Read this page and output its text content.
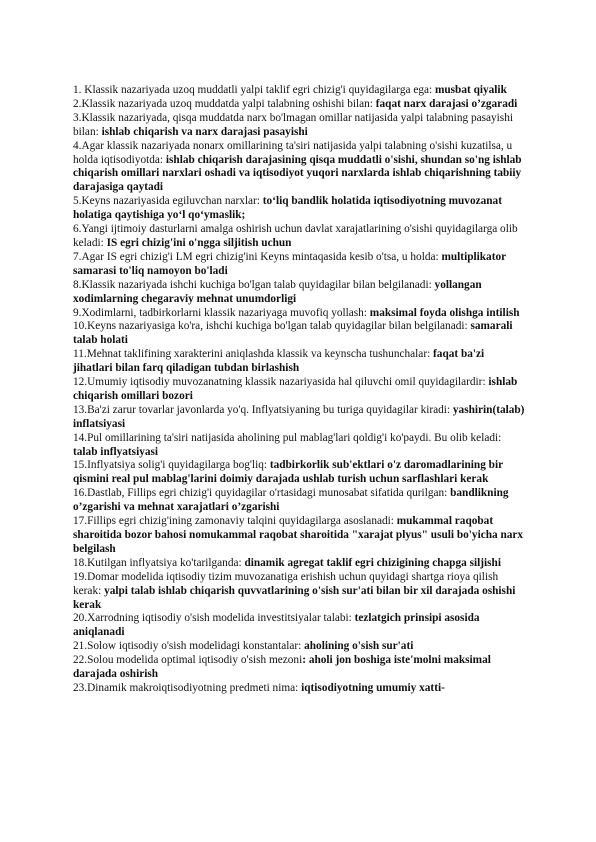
1. Klassik nazariyada uzoq muddatli yalpi taklif egri chizig'i quyidagilarga ega: musbat qiyalik

2.Klassik nazariyada uzoq muddatda yalpi talabning oshishi bilan: faqat narx darajasi o’zgaradi

3.Klassik nazariyada, qisqa muddatda narx bo'lmagan omillar natijasida yalpi talabning pasayishi bilan: ishlab chiqarish va narx darajasi pasayishi

4.Agar klassik nazariyada nonarx omillarining ta'siri natijasida yalpi talabning o'sishi kuzatilsa, u holda iqtisodiyotda: ishlab chiqarish darajasining qisqa muddatli o'sishi, shundan so'ng ishlab chiqarish omillari narxlari oshadi va iqtisodiyot yuqori narxlarda ishlab chiqarishning tabiiy darajasiga qaytadi

5.Keyns nazariyasida egiluvchan narxlar: to‘liq bandlik holatida iqtisodiyotning muvozanat holatiga qaytishiga yo‘l qo‘ymaslik;

6.Yangi ijtimoiy dasturlarni amalga oshirish uchun davlat xarajatlarining o'sishi quyidagilarga olib keladi: IS egri chizig'ini o'ngga siljitish uchun

7.Agar IS egri chizig'i LM egri chizig'ini Keyns mintaqasida kesib o'tsa, u holda: multiplikator samarasi to'liq namoyon bo'ladi

8.Klassik nazariyada ishchi kuchiga bo'lgan talab quyidagilar bilan belgilanadi: yollangan xodimlarning chegaraviy mehnat unumdorligi

9.Xodimlarni, tadbirkorlarni klassik nazariyaga muvofiq yollash: maksimal foyda olishga intilish

10.Keyns nazariyasiga ko'ra, ishchi kuchiga bo'lgan talab quyidagilar bilan belgilanadi: samarali talab holati

11.Mehnat taklifining xarakterini aniqlashda klassik va keynscha tushunchalar: faqat ba'zi jihatlari bilan farq qiladigan tubdan birlashish

12.Umumiy iqtisodiy muvozanatning klassik nazariyasida hal qiluvchi omil quyidagilardir: ishlab chiqarish omillari bozori

13.Ba'zi zarur tovarlar javonlarda yo'q. Inflyatsiyaning bu turiga quyidagilar kiradi: yashirin(talab) inflatsiyasi

14.Pul omillarining ta'siri natijasida aholining pul mablag'lari qoldig'i ko'paydi. Bu olib keladi: talab inflyatsiyasi

15.Inflyatsiya solig'i quyidagilarga bog'liq: tadbirkorlik sub'ektlari o'z daromadlarining bir qismini real pul mablag'larini doimiy darajada ushlab turish uchun sarflashlari kerak

16.Dastlab, Fillips egri chizig'i quyidagilar o'rtasidagi munosabat sifatida qurilgan: bandlikning o’zgarishi va mehnat xarajatlari o’zgarishi

17.Fillips egri chizig'ining zamonaviy talqini quyidagilarga asoslanadi: mukammal raqobat sharoitida bozor bahosi nomukammal raqobat sharoitida "xarajat plyus" usuli bo'yicha narx belgilash

18.Kutilgan inflyatsiya ko'tarilganda: dinamik agregat taklif egri chizigining chapga siljishi

19.Domar modelida iqtisodiy tizim muvozanatiga erishish uchun quyidagi shartga rioya qilish kerak: yalpi talab ishlab chiqarish quvvatlarining o'sish sur'ati bilan bir xil darajada oshishi kerak

20.Xarrodning iqtisodiy o'sish modelida investitsiyalar talabi: tezlatgich prinsipi asosida aniqlanadi

21.Solow iqtisodiy o'sish modelidagi konstantalar: aholining o'sish sur'ati

22.Solou modelida optimal iqtisodiy o'sish mezoni: aholi jon boshiga iste'molni maksimal darajada oshirish

23.Dinamik makroiqtisodiyotning predmeti nima: iqtisodiyotning umumiy xatti-
